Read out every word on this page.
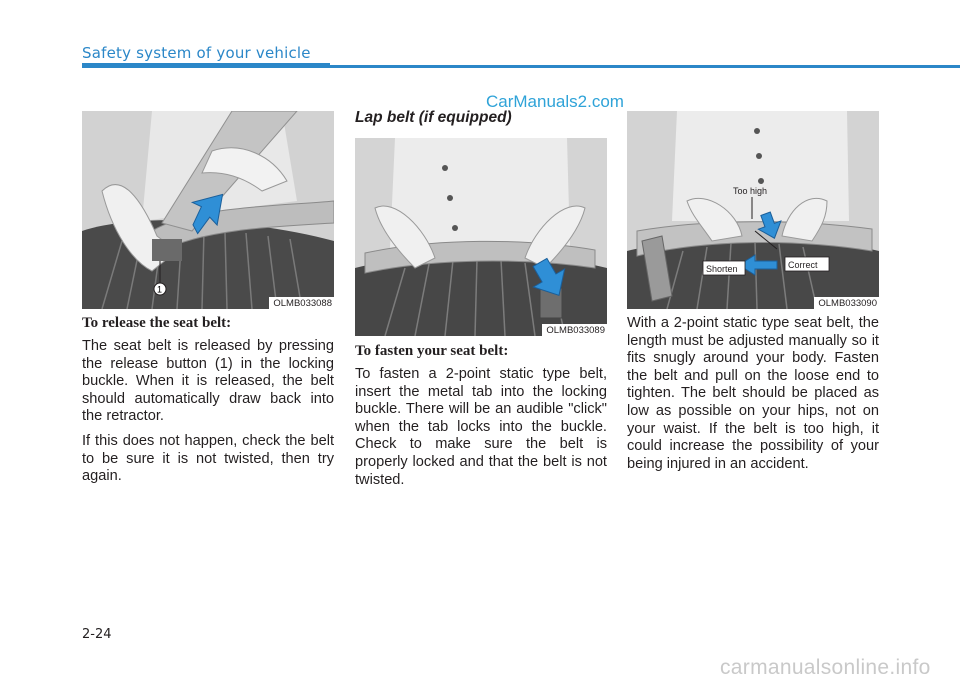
Safety system of your vehicle
CarManuals2.com
1
OLMB033088
OLMB033089
Too high
Correct
Shorten
OLMB033090
To release the seat belt:

The seat belt is released by pressing the release button (1) in the locking buckle. When it is released, the belt should automatically draw back into the retractor.

If this does not happen, check the belt to be sure it is not twisted, then try again.

Lap belt (if equipped)
To fasten your seat belt:

To fasten a 2-point static type belt, insert the metal tab into the locking buckle. There will be an audible "click" when the tab locks into the buckle. Check to make sure the belt is properly locked and that the belt is not twisted.

With a 2-point static type seat belt, the length must be adjusted manually so it fits snugly around your body. Fasten the belt and pull on the loose end to tighten. The belt should be placed as low as possible on your hips, not on your waist. If the belt is too high, it could increase the possibility of your being injured in an accident.

2-24
carmanualsonline.info
